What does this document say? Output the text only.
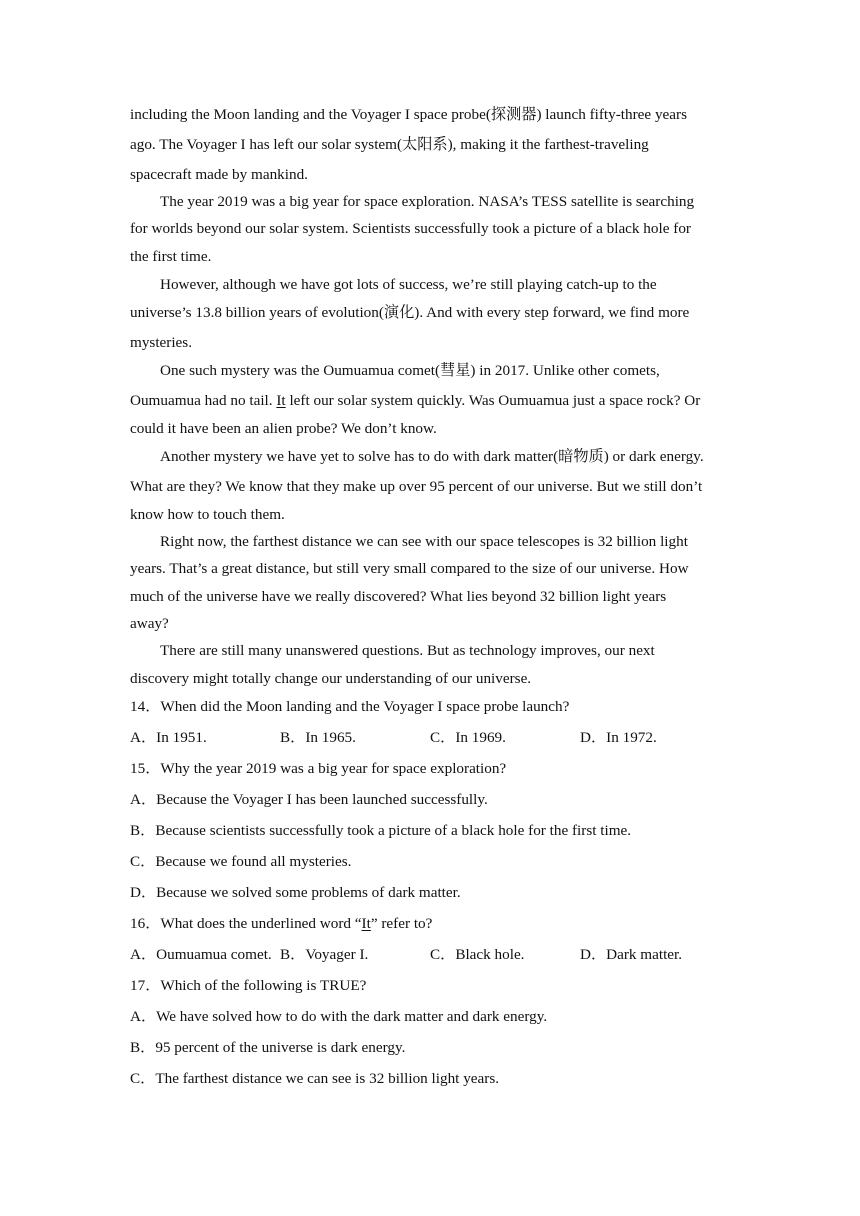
including the Moon landing and the Voyager I space probe(探测器) launch fifty-three years
ago. The Voyager I has left our solar system(太阳系), making it the farthest-traveling
spacecraft made by mankind.
The year 2019 was a big year for space exploration. NASA’s TESS satellite is searching
for worlds beyond our solar system. Scientists successfully took a picture of a black hole for
the first time.
However, although we have got lots of success, we’re still playing catch-up to the
universe’s 13.8 billion years of evolution(演化). And with every step forward, we find more
mysteries.
One such mystery was the Oumuamua comet(彗星) in 2017. Unlike other comets,
Oumuamua had no tail. It left our solar system quickly. Was Oumuamua just a space rock? Or
could it have been an alien probe? We don’t know.
Another mystery we have yet to solve has to do with dark matter(暗物质) or dark energy.
What are they? We know that they make up over 95 percent of our universe. But we still don’t
know how to touch them.
Right now, the farthest distance we can see with our space telescopes is 32 billion light
years. That’s a great distance, but still very small compared to the size of our universe. How
much of the universe have we really discovered? What lies beyond 32 billion light years
away?
There are still many unanswered questions. But as technology improves, our next
discovery might totally change our understanding of our universe.
14．When did the Moon landing and the Voyager I space probe launch?
A．In 1951.	B．In 1965.	C．In 1969.	D．In 1972.
15．Why the year 2019 was a big year for space exploration?
A．Because the Voyager I has been launched successfully.
B．Because scientists successfully took a picture of a black hole for the first time.
C．Because we found all mysteries.
D．Because we solved some problems of dark matter.
16．What does the underlined word “It” refer to?
A．Oumuamua comet. B．Voyager I.	C．Black hole.	D．Dark matter.
17．Which of the following is TRUE?
A．We have solved how to do with the dark matter and dark energy.
B．95 percent of the universe is dark energy.
C．The farthest distance we can see is 32 billion light years.
